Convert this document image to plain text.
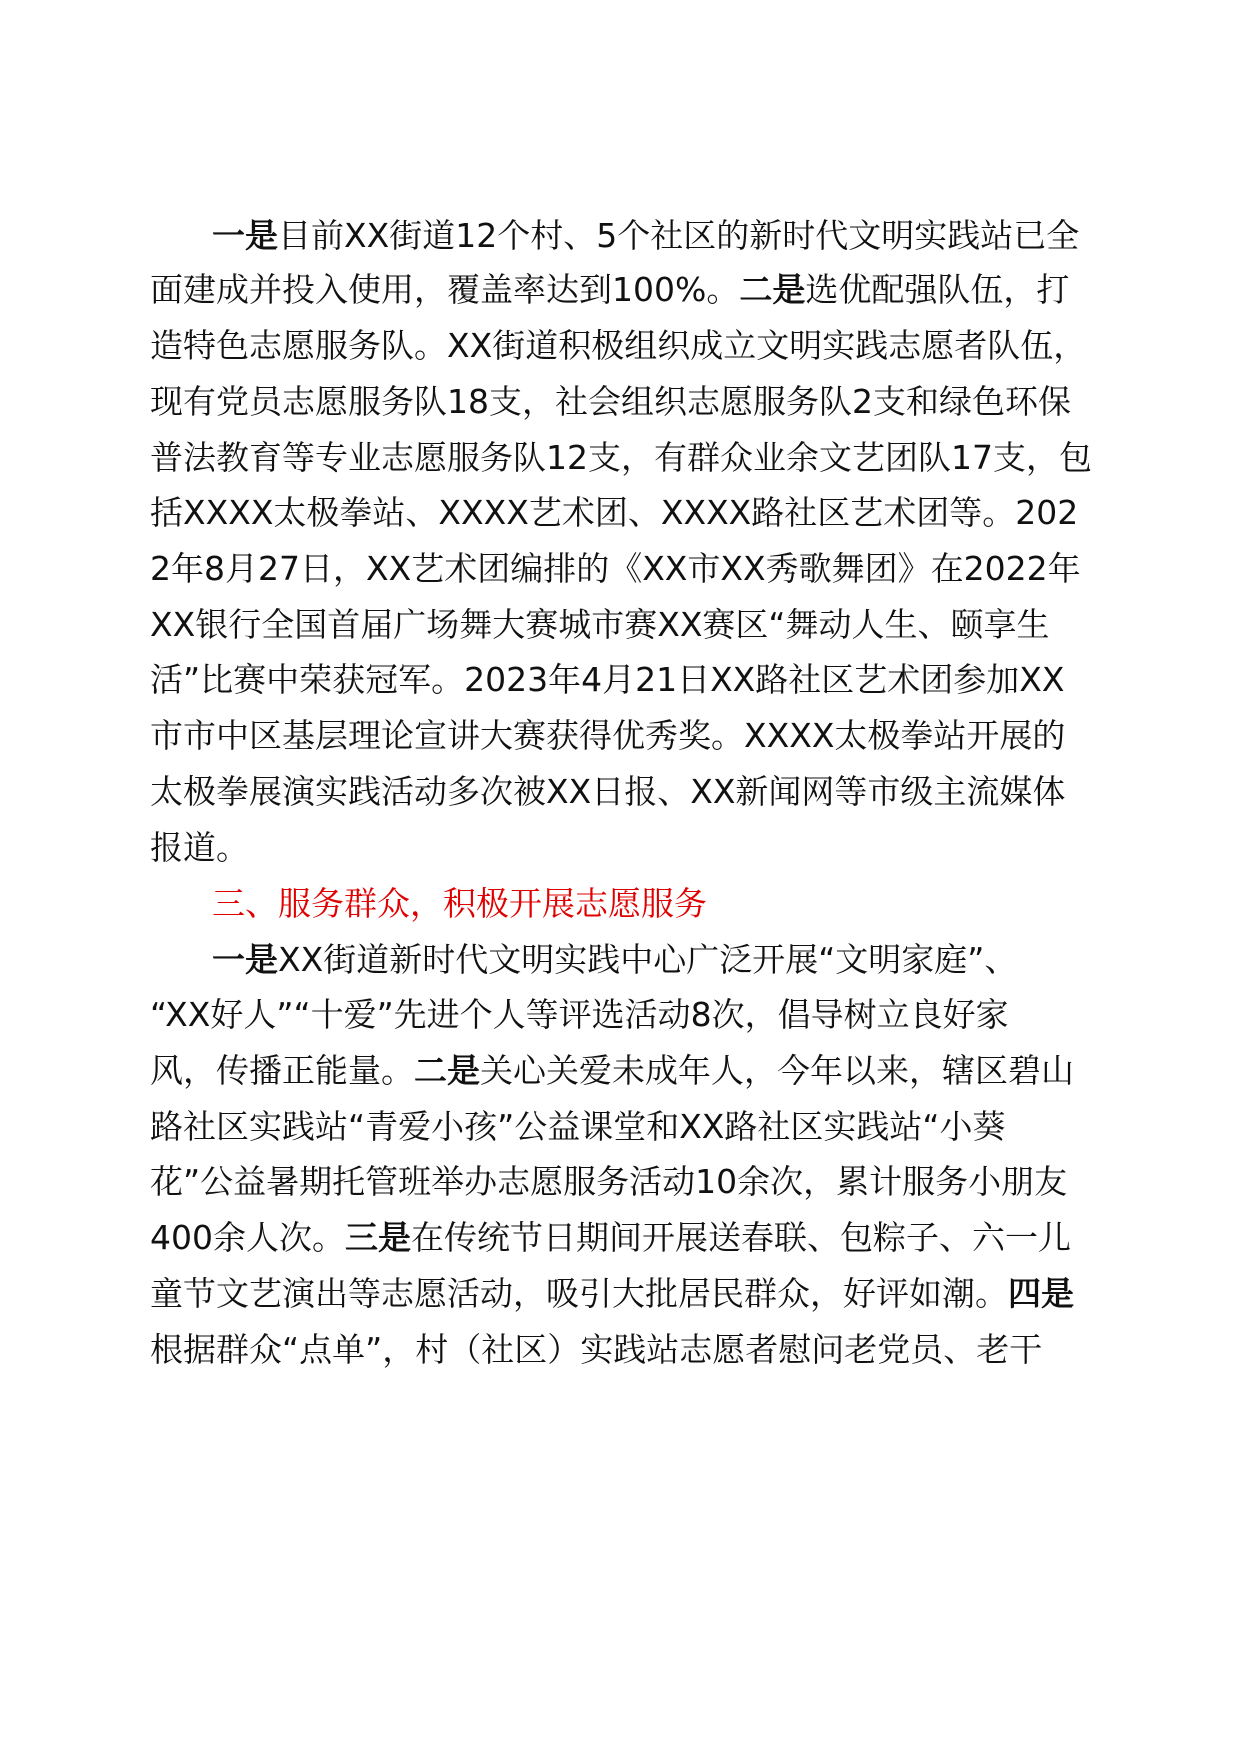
一是目前XX街道12个村、5个社区的新时代文明实践站已全
面建成并投入使用，覆盖率达到100%。二是选优配强队伍，打
造特色志愿服务队。XX街道积极组织成立文明实践志愿者队伍，
现有党员志愿服务队18支，社会组织志愿服务队2支和绿色环保
普法教育等专业志愿服务队12支，有群众业余文艺团队17支，包
括XXXX太极拳站、XXXX艺术团、XXXX路社区艺术团等。202
2年8月27日，XX艺术团编排的《XX市XX秀歌舞团》在2022年
XX银行全国首届广场舞大赛城市赛XX赛区“舞动人生、颐享生
活”比赛中荣获冠军。2023年4月21日XX路社区艺术团参加XX
市市中区基层理论宣讲大赛获得优秀奖。XXXX太极拳站开展的
太极拳展演实践活动多次被XX日报、XX新闻网等市级主流媒体
报道。
三、服务群众，积极开展志愿服务
一是XX街道新时代文明实践中心广泛开展“文明家庭”、
“XX好人”“十爱”先进个人等评选活动8次，倡导树立良好家
风，传播正能量。二是关心关爱未成年人，今年以来，辖区碧山
路社区实践站“青爱小孩”公益课堂和XX路社区实践站“小葵
花”公益暑期托管班举办志愿服务活动10余次，累计服务小朋友
400余人次。三是在传统节日期间开展送春联、包粽子、六一儿
童节文艺演出等志愿活动，吸引大批居民群众，好评如潮。四是
根据群众“点单”，村（社区）实践站志愿者慰问老党员、老干
